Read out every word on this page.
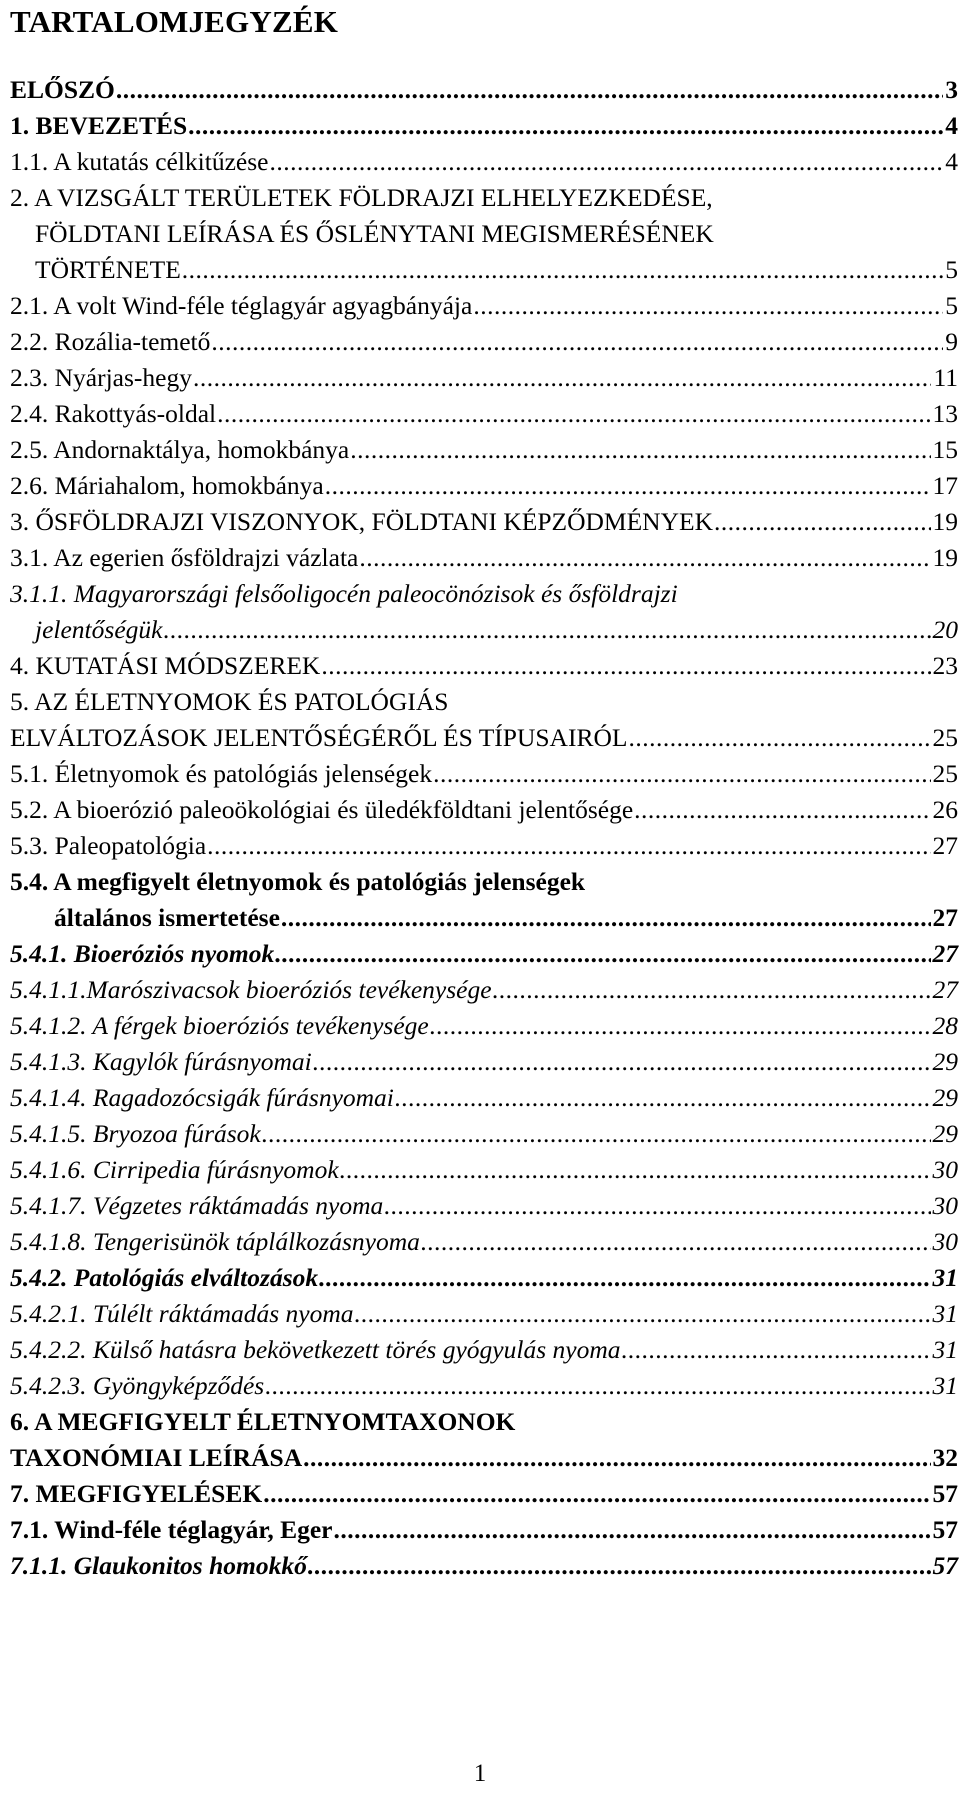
TARTALOMJEGYZÉK
ELŐSZÓ .....	3
1. BEVEZETÉS .....	4
1.1. A kutatás célkitűzése .....	4
2. A VIZSGÁLT TERÜLETEK FÖLDRAJZI ELHELYEZKEDÉSE,
FÖLDTANI LEÍRÁSA ÉS ŐSLÉNYTANI MEGISMERÉSÉNEK
TÖRTÉNETE .....	5
2.1. A volt Wind-féle téglagyár agyagbányája .....	5
2.2. Rozália-temető .....	9
2.3. Nyárjas-hegy .....	11
2.4. Rakottyás-oldal .....	13
2.5. Andornaktálya, homokbánya .....	15
2.6. Máriahalom, homokbánya .....	17
3. ŐSFÖLDRAJZI VISZONYOK, FÖLDTANI KÉPZŐDMÉNYEK .....	19
3.1. Az egerien ősföldrajzi vázlata .....	19
3.1.1. Magyarországi felsőoligocén paleocönózisok és ősföldrajzi
jelentőségük .....	20
4. KUTATÁSI MÓDSZEREK .....	23
5. AZ ÉLETNYOMOK ÉS PATOLÓGIÁS
ELVÁLTOZÁSOK JELENTŐSÉGÉRŐL ÉS TÍPUSAIRÓL .....	25
5.1. Életnyomok és patológiás jelenségek .....	25
5.2. A bioerózió paleoökológiai és üledékföldtani jelentősége .....	26
5.3. Paleopatológia .....	27
5.4. A megfigyelt életnyomok és patológiás jelenségek
általános ismertetése .....	27
5.4.1. Bioeróziós nyomok .....	27
5.4.1.1.Marószivacsok bioeróziós tevékenysége .....	27
5.4.1.2. A férgek bioeróziós tevékenysége .....	28
5.4.1.3. Kagylók fúrásnyomai .....	29
5.4.1.4. Ragadozócsigák fúrásnyomai .....	29
5.4.1.5. Bryozoa fúrások .....	29
5.4.1.6. Cirripedia fúrásnyomok .....	30
5.4.1.7. Végzetes ráktámadás nyoma .....	30
5.4.1.8. Tengerisünök táplálkozásnyoma .....	30
5.4.2. Patológiás elváltozások .....	31
5.4.2.1. Túlélt ráktámadás nyoma .....	31
5.4.2.2. Külső hatásra bekövetkezett törés gyógyulás nyoma .....	31
5.4.2.3. Gyöngyképződés .....	31
6. A MEGFIGYELT ÉLETNYOMTAXONOK
TAXONÓMIAI LEÍRÁSA .....	32
7. MEGFIGYELÉSEK .....	57
7.1. Wind-féle téglagyár, Eger .....	57
7.1.1. Glaukonitos homokkő .....	57
1
